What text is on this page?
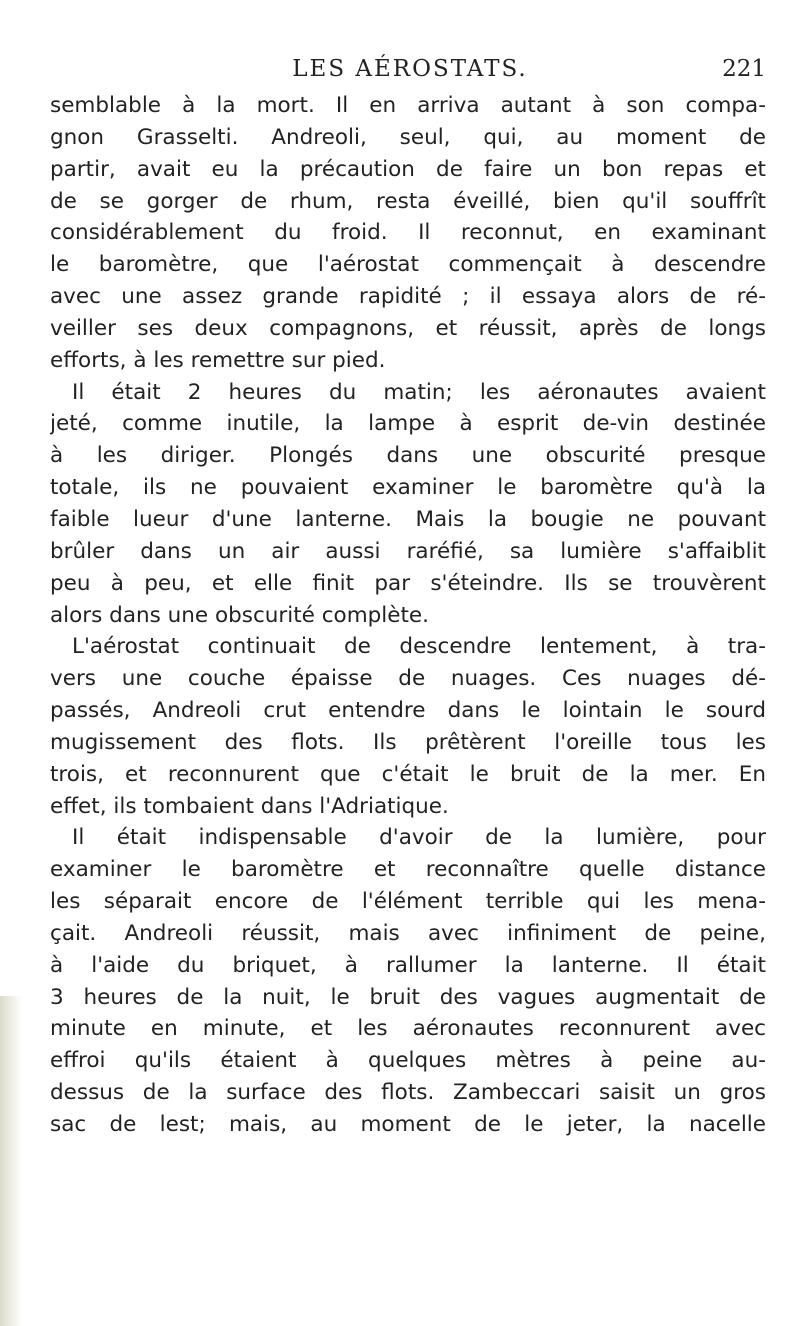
LES AÉROSTATS.	221
semblable à la mort. Il en arriva autant à son compa-
gnon Grasselti. Andreoli, seul, qui, au moment de
partir, avait eu la précaution de faire un bon repas et
de se gorger de rhum, resta éveillé, bien qu'il souffrît
considérablement du froid. Il reconnut, en examinant
le baromètre, que l'aérostat commençait à descendre
avec une assez grande rapidité ; il essaya alors de ré-
veiller ses deux compagnons, et réussit, après de longs
efforts, à les remettre sur pied.
Il était 2 heures du matin; les aéronautes avaient
jeté, comme inutile, la lampe à esprit de-vin destinée
à les diriger. Plongés dans une obscurité presque
totale, ils ne pouvaient examiner le baromètre qu'à la
faible lueur d'une lanterne. Mais la bougie ne pouvant
brûler dans un air aussi raréfié, sa lumière s'affaiblit
peu à peu, et elle finit par s'éteindre. Ils se trouvèrent
alors dans une obscurité complète.
L'aérostat continuait de descendre lentement, à tra-
vers une couche épaisse de nuages. Ces nuages dé-
passés, Andreoli crut entendre dans le lointain le sourd
mugissement des flots. Ils prêtèrent l'oreille tous les
trois, et reconnurent que c'était le bruit de la mer. En
effet, ils tombaient dans l'Adriatique.
Il était indispensable d'avoir de la lumière, pour
examiner le baromètre et reconnaître quelle distance
les séparait encore de l'élément terrible qui les mena-
çait. Andreoli réussit, mais avec infiniment de peine,
à l'aide du briquet, à rallumer la lanterne. Il était
3 heures de la nuit, le bruit des vagues augmentait de
minute en minute, et les aéronautes reconnurent avec
effroi qu'ils étaient à quelques mètres à peine au-
dessus de la surface des flots. Zambeccari saisit un gros
sac de lest; mais, au moment de le jeter, la nacelle
